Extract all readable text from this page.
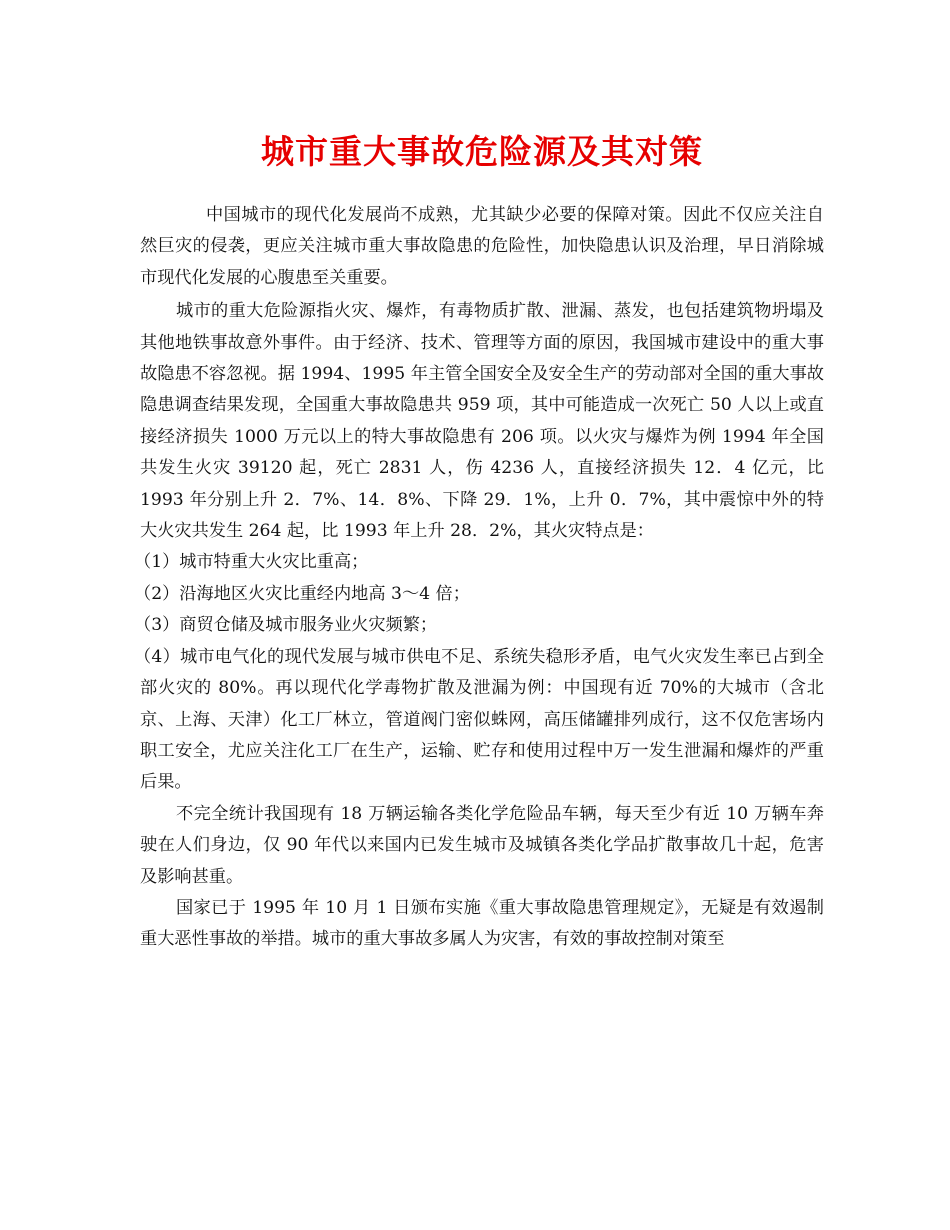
城市重大事故危险源及其对策

中国城市的现代化发展尚不成熟，尤其缺少必要的保障对策。因此不仅应关注自然巨灾的侵袭，更应关注城市重大事故隐患的危险性，加快隐患认识及治理，早日消除城市现代化发展的心腹患至关重要。

城市的重大危险源指火灾、爆炸，有毒物质扩散、泄漏、蒸发，也包括建筑物坍塌及其他地铁事故意外事件。由于经济、技术、管理等方面的原因，我国城市建设中的重大事故隐患不容忽视。据 1994、1995 年主管全国安全及安全生产的劳动部对全国的重大事故隐患调查结果发现，全国重大事故隐患共 959 项，其中可能造成一次死亡 50 人以上或直接经济损失 1000 万元以上的特大事故隐患有 206 项。以火灾与爆炸为例 1994 年全国共发生火灾 39120 起，死亡 2831 人，伤 4236 人，直接经济损失 12．4 亿元，比 1993 年分别上升 2．7%、14．8%、下降 29．1%，上升 0．7%，其中震惊中外的特大火灾共发生 264 起，比 1993 年上升 28．2%，其火灾特点是：

（1）城市特重大火灾比重高；

（2）沿海地区火灾比重经内地高 3～4 倍；

（3）商贸仓储及城市服务业火灾频繁；

（4）城市电气化的现代发展与城市供电不足、系统失稳形矛盾，电气火灾发生率已占到全部火灾的 80%。再以现代化学毒物扩散及泄漏为例：中国现有近 70%的大城市（含北京、上海、天津）化工厂林立，管道阀门密似蛛网，高压储罐排列成行，这不仅危害场内职工安全，尤应关注化工厂在生产，运输、贮存和使用过程中万一发生泄漏和爆炸的严重后果。

不完全统计我国现有 18 万辆运输各类化学危险品车辆，每天至少有近 10 万辆车奔驶在人们身边，仅 90 年代以来国内已发生城市及城镇各类化学品扩散事故几十起，危害及影响甚重。

国家已于 1995 年 10 月 1 日颁布实施《重大事故隐患管理规定》，无疑是有效遏制重大恶性事故的举措。城市的重大事故多属人为灾害，有效的事故控制对策至
